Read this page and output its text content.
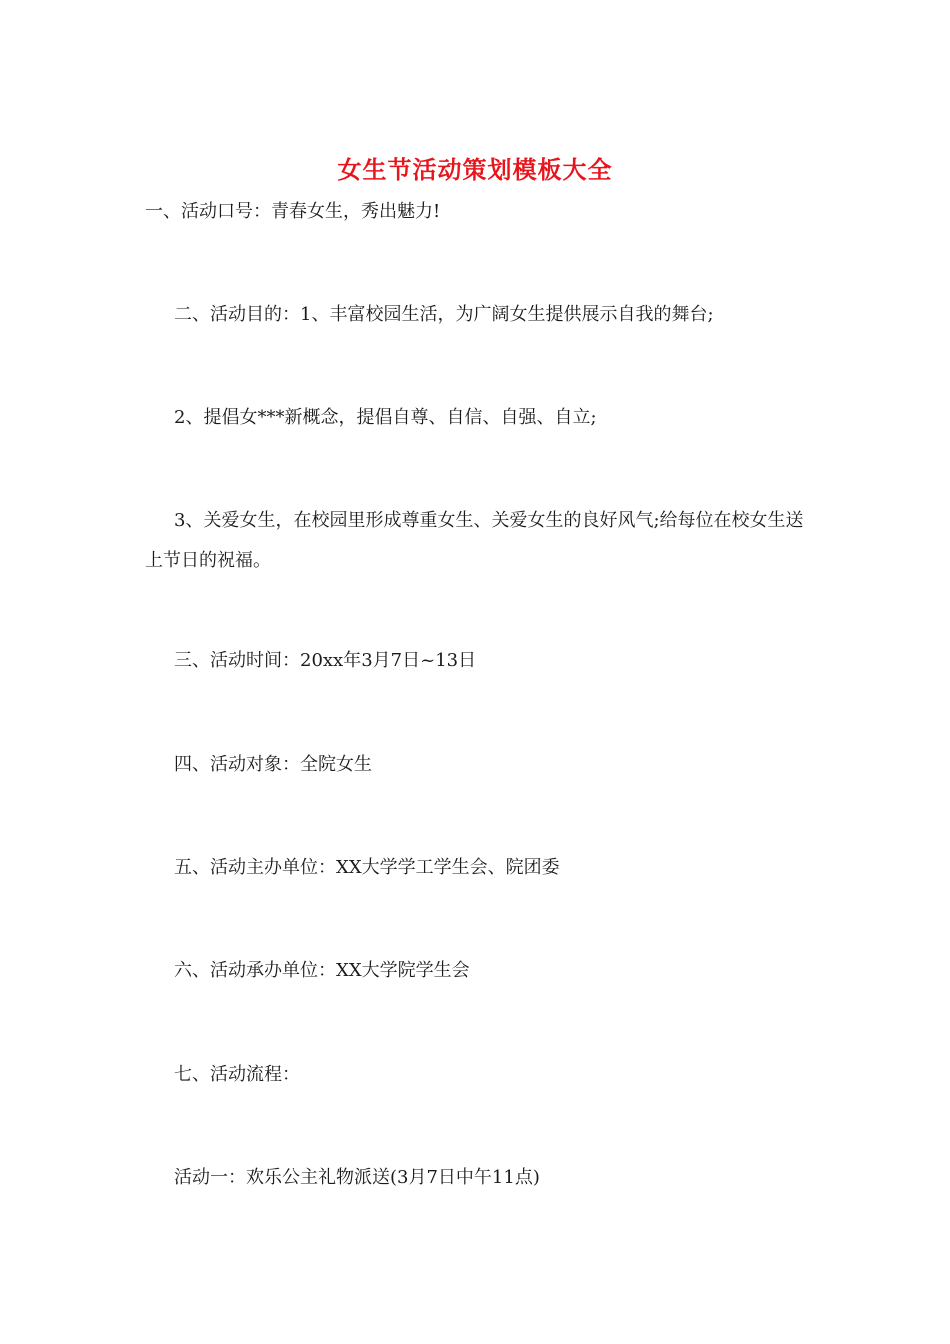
女生节活动策划模板大全
一、活动口号：青春女生，秀出魅力!
二、活动目的：1、丰富校园生活，为广阔女生提供展示自我的舞台;
2、提倡女***新概念，提倡自尊、自信、自强、自立;
3、关爱女生，在校园里形成尊重女生、关爱女生的良好风气;给每位在校女生送上节日的祝福。
三、活动时间：20xx年3月7日~13日
四、活动对象：全院女生
五、活动主办单位：XX大学学工学生会、院团委
六、活动承办单位：XX大学院学生会
七、活动流程：
活动一：欢乐公主礼物派送(3月7日中午11点)
